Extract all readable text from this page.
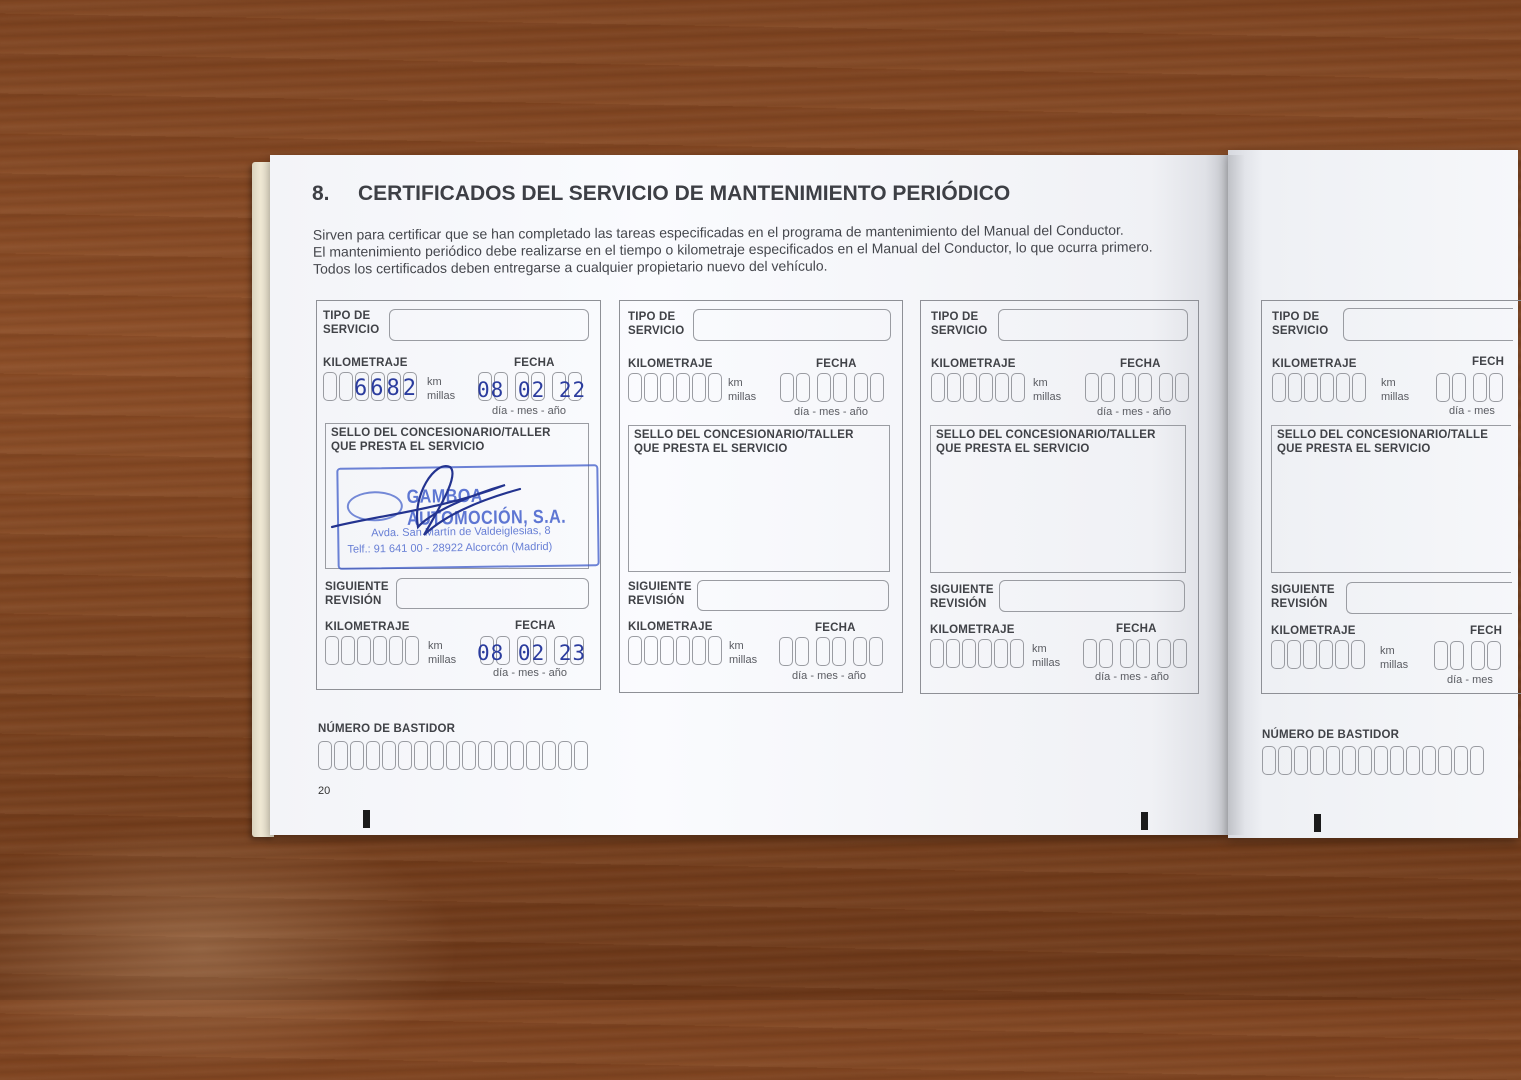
8. CERTIFICADOS DEL SERVICIO DE MANTENIMIENTO PERIÓDICO

Sirven para certificar que se han completado las tareas especificadas en el programa de mantenimiento del Manual del Conductor.

El mantenimiento periódico debe realizarse en el tiempo o kilometraje especificados en el Manual del Conductor, lo que ocurra primero.

Todos los certificados deben entregarse a cualquier propietario nuevo del vehículo.

TIPO DE
SERVICIO
KILOMETRAJE	FECHA
6682 km
millas 08 02 22
día - mes - año
SELLO DEL CONCESIONARIO/TALLER
QUE PRESTA EL SERVICIO
GAMBOA AUTOMOCIÓN, S.A.
Avda. San Martín de Valdeiglesias, 8
Telf.: 91 641 00 - 28922 Alcorcón (Madrid)
SIGUIENTE
REVISIÓN
KILOMETRAJE	FECHA
km
millas 08 02 23
día - mes - año
TIPO DE
SERVICIO
KILOMETRAJE	FECHA
km
millas
día - mes - año
SELLO DEL CONCESIONARIO/TALLER
QUE PRESTA EL SERVICIO
SIGUIENTE
REVISIÓN
KILOMETRAJE	FECHA
km
millas
día - mes - año
TIPO DE
SERVICIO
KILOMETRAJE	FECHA
km
millas
día - mes - año
SELLO DEL CONCESIONARIO/TALLER
QUE PRESTA EL SERVICIO
SIGUIENTE
REVISIÓN
KILOMETRAJE	FECHA
km
millas
día - mes - año
NÚMERO DE BASTIDOR
20
TIPO DE
SERVICIO
KILOMETRAJE	FECH
km
millas
día - mes
SELLO DEL CONCESIONARIO/TALLE
QUE PRESTA EL SERVICIO
SIGUIENTE
REVISIÓN
KILOMETRAJE	FECH
km
millas
día - mes
NÚMERO DE BASTIDOR
